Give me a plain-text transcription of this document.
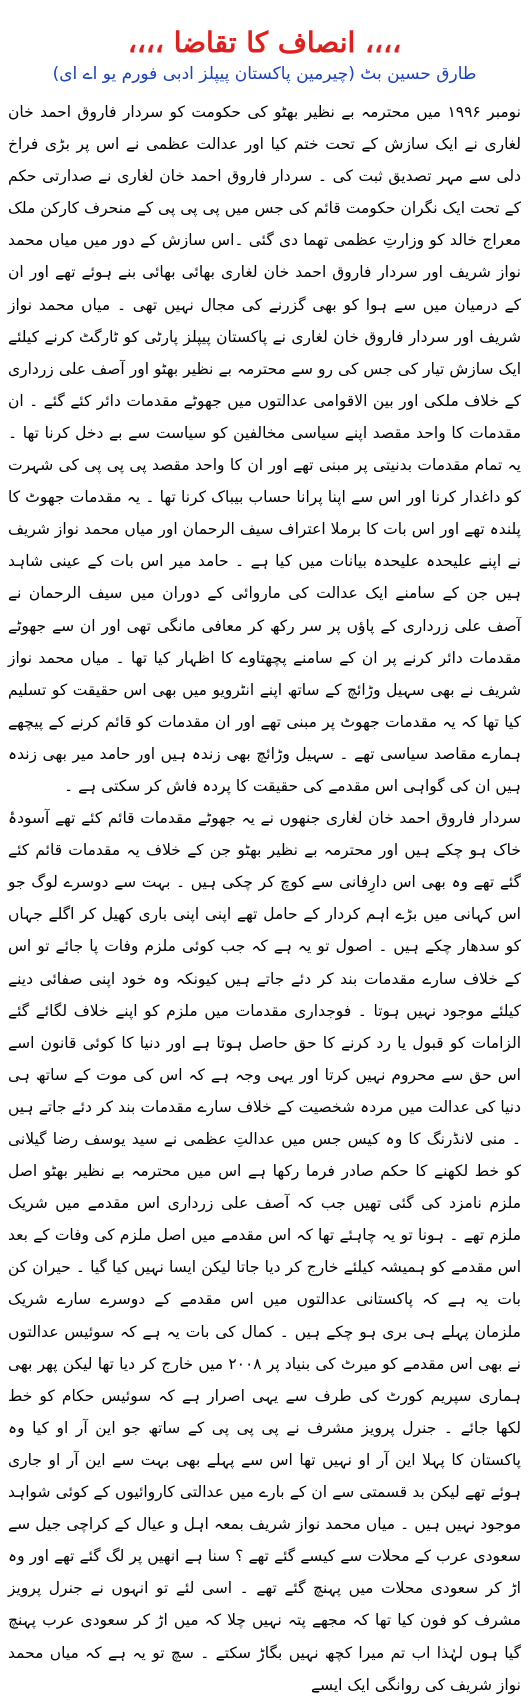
،،،، انصاف کا تقاضا ،،،،
طارق حسین بٹ (چیرمین پاکستان پیپلز ادبی فورم یو اے ای)

نومبر ۱۹۹۶ میں محترمہ بے نظیر بھٹو کی حکومت کو سردار فاروق احمد خان لغاری نے ایک سازش کے تحت ختم کیا اور عدالت عظمی نے اس پر بڑی فراخ دلی سے مہر تصدیق ثبت کی ۔ سردار فاروق احمد خان لغاری نے صدارتی حکم کے تحت ایک نگران حکومت قائم کی جس میں پی پی پی کے منحرف کارکن ملک معراج خالد کو وزارتِ عظمی تھما دی گئی ۔اس سازش کے دور میں میاں محمد نواز شریف اور سردار فاروق احمد خان لغاری بھائی بھائی بنے ہوئے تھے اور ان کے درمیان میں سے ہوا کو بھی گزرنے کی مجال نہیں تھی ۔ میاں محمد نواز شریف اور سردار فاروق خان لغاری نے پاکستان پیپلز پارٹی کو ٹارگٹ کرنے کیلئے ایک سازش تیار کی جس کی رو سے محترمہ بے نظیر بھٹو اور آصف علی زرداری کے خلاف ملکی اور بین الاقوامی عدالتوں میں جھوٹے مقدمات دائر کئے گئے ۔ ان مقدمات کا واحد مقصد اپنے سیاسی مخالفین کو سیاست سے بے دخل کرنا تھا ۔ یہ تمام مقدمات بدنیتی پر مبنی تھے اور ان کا واحد مقصد پی پی پی کی شہرت کو داغدار کرنا اور اس سے اپنا پرانا حساب بیباک کرنا تھا ۔ یہ مقدمات جھوٹ کا پلندہ تھے اور اس بات کا برملا اعتراف سیف الرحمان اور میاں محمد نواز شریف نے اپنے علیحدہ علیحدہ بیانات میں کیا ہے ۔ حامد میر اس بات کے عینی شاہد ہیں جن کے سامنے ایک عدالت کی ماروائی کے دوران میں سیف الرحمان نے آصف علی زرداری کے پاؤں پر سر رکھ کر معافی مانگی تھی اور ان سے جھوٹے مقدمات دائر کرنے پر ان کے سامنے پچھتاوے کا اظہار کیا تھا ۔ میاں محمد نواز شریف نے بھی سہیل وڑائچ کے ساتھ اپنے انٹرویو میں بھی اس حقیقت کو تسلیم کیا تھا کہ یہ مقدمات جھوٹ پر مبنی تھے اور ان مقدمات کو قائم کرنے کے پیچھے ہمارے مقاصد سیاسی تھے ۔ سہیل وڑائچ بھی زندہ ہیں اور حامد میر بھی زندہ ہیں ان کی گواہی اس مقدمے کی حقیقت کا پردہ فاش کر سکتی ہے ۔

سردار فاروق احمد خان لغاری جنھوں نے یہ جھوٹے مقدمات قائم کئے تھے آسودۂ خاک ہو چکے ہیں اور محترمہ بے نظیر بھٹو جن کے خلاف یہ مقدمات قائم کئے گئے تھے وہ بھی اس دارِفانی سے کوچ کر چکی ہیں ۔ بہت سے دوسرے لوگ جو اس کہانی میں بڑے اہم کردار کے حامل تھے اپنی اپنی باری کھیل کر اگلے جہاں کو سدھار چکے ہیں ۔ اصول تو یہ ہے کہ جب کوئی ملزم وفات پا جائے تو اس کے خلاف سارے مقدمات بند کر دئے جاتے ہیں کیونکہ وہ خود اپنی صفائی دینے کیلئے موجود نہیں ہوتا ۔ فوجداری مقدمات میں ملزم کو اپنے خلاف لگائے گئے الزامات کو قبول یا رد کرنے کا حق حاصل ہوتا ہے اور دنیا کا کوئی قانون اسے اس حق سے محروم نہیں کرتا اور یہی وجہ ہے کہ اس کی موت کے ساتھ ہی دنیا کی عدالت میں مردہ شخصیت کے خلاف سارے مقدمات بند کر دئے جاتے ہیں ۔ منی لانڈرنگ کا وہ کیس جس میں عدالتِ عظمی نے سید یوسف رضا گیلانی کو خط لکھنے کا حکم صادر فرما رکھا ہے اس میں محترمہ بے نظیر بھٹو اصل ملزم نامزد کی گئی تھیں جب کہ آصف علی زرداری اس مقدمے میں شریک ملزم تھے ۔ ہونا تو یہ چاہئے تھا کہ اس مقدمے میں اصل ملزم کی وفات کے بعد اس مقدمے کو ہمیشہ کیلئے خارج کر دیا جاتا لیکن ایسا نہیں کیا گیا ۔ حیران کن بات یہ ہے کہ پاکستانی عدالتوں میں اس مقدمے کے دوسرے سارے شریک ملزمان پہلے ہی بری ہو چکے ہیں ۔ کمال کی بات یہ ہے کہ سوئیس عدالتوں نے بھی اس مقدمے کو میرٹ کی بنیاد پر ۲۰۰۸ میں خارج کر دیا تھا لیکن پھر بھی ہماری سپریم کورٹ کی طرف سے یہی اصرار ہے کہ سوئیس حکام کو خط لکھا جائے ۔ جنرل پرویز مشرف نے پی پی پی کے ساتھ جو این آر او کیا وہ پاکستان کا پہلا این آر او نہیں تھا اس سے پہلے بھی بہت سے این آر او جاری ہوئے تھے لیکن بد قسمتی سے ان کے بارے میں عدالتی کاروائیوں کے کوئی شواہد موجود نہیں ہیں ۔ میاں محمد نواز شریف بمعہ اہل و عیال کے کراچی جیل سے سعودی عرب کے محلات سے کیسے گئے تھے ؟ سنا ہے انھیں پر لگ گئے تھے اور وہ اڑ کر سعودی محلات میں پہنچ گئے تھے ۔ اسی لئے تو انہوں نے جنرل پرویز مشرف کو فون کیا تھا کہ مجھے پتہ نہیں چلا کہ میں اڑ کر سعودی عرب پہنچ گیا ہوں لہٰذا اب تم میرا کچھ نہیں بگاڑ سکتے ۔ سچ تو یہ ہے کہ میاں محمد نواز شریف کی روانگی ایک ایسے
